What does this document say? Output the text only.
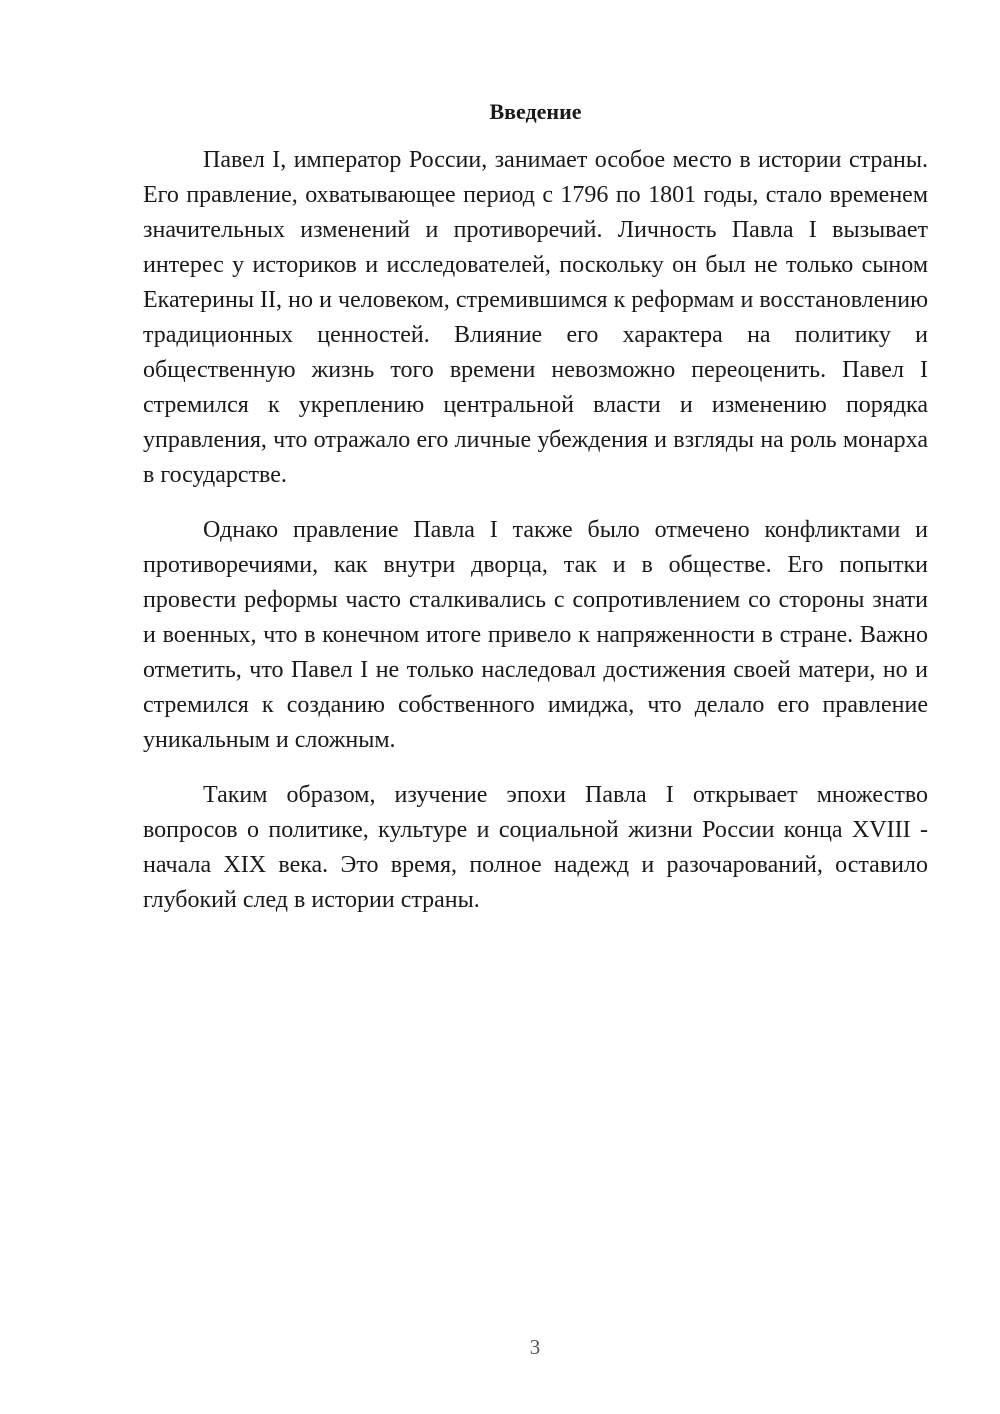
Введение

Павел I, император России, занимает особое место в истории страны. Его правление, охватывающее период с 1796 по 1801 годы, стало временем значительных изменений и противоречий. Личность Павла I вызывает интерес у историков и исследователей, поскольку он был не только сыном Екатерины II, но и человеком, стремившимся к реформам и восстановлению традиционных ценностей. Влияние его характера на политику и общественную жизнь того времени невозможно переоценить. Павел I стремился к укреплению центральной власти и изменению порядка управления, что отражало его личные убеждения и взгляды на роль монарха в государстве.

Однако правление Павла I также было отмечено конфликтами и противоречиями, как внутри дворца, так и в обществе. Его попытки провести реформы часто сталкивались с сопротивлением со стороны знати и военных, что в конечном итоге привело к напряженности в стране. Важно отметить, что Павел I не только наследовал достижения своей матери, но и стремился к созданию собственного имиджа, что делало его правление уникальным и сложным.

Таким образом, изучение эпохи Павла I открывает множество вопросов о политике, культуре и социальной жизни России конца XVIII - начала XIX века. Это время, полное надежд и разочарований, оставило глубокий след в истории страны.

3
